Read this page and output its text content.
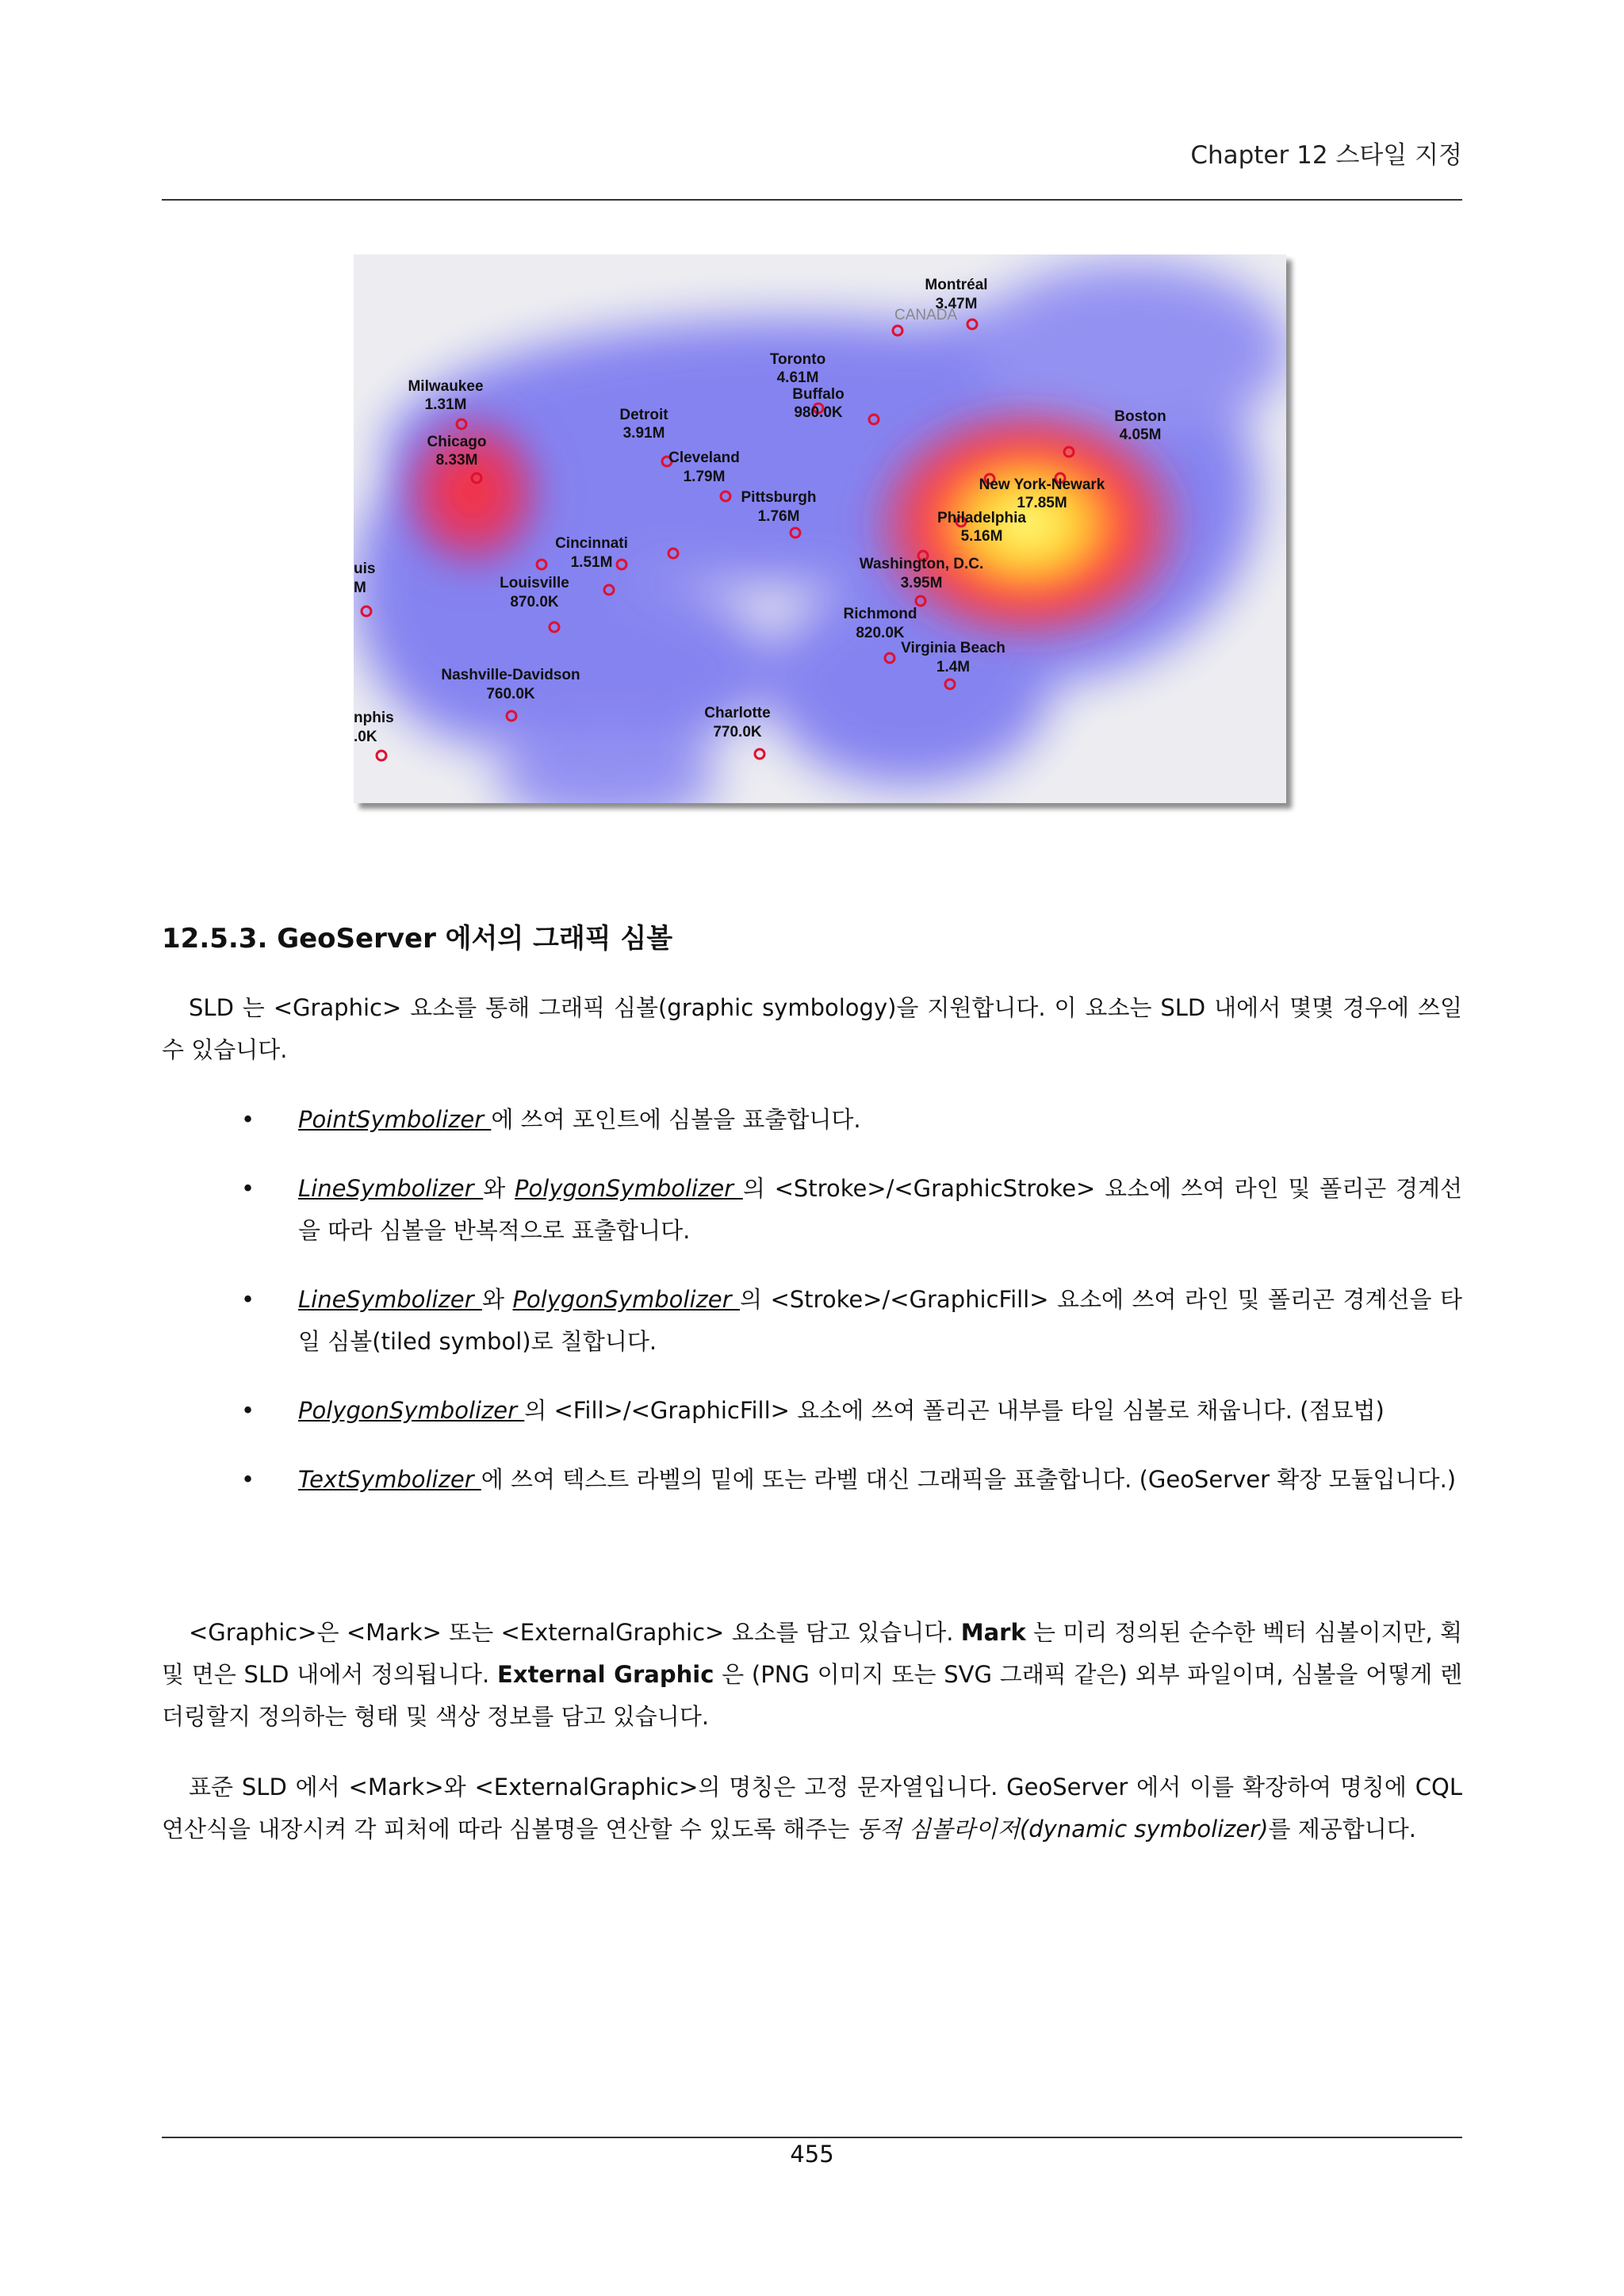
Chapter 12 스타일 지정
CANADA
Montréal
3.47M
Toronto
4.61M
Buffalo
980.0K
Milwaukee
1.31M
Chicago
8.33M
Detroit
3.91M
Cleveland
1.79M
Pittsburgh
1.76M
Boston
4.05M
New York-Newark
17.85M
Philadelphia
5.16M
Cincinnati
1.51M
Louisville
870.0K
Washington, D.C.
3.95M
Richmond
820.0K
Virginia Beach
1.4M
Nashville-Davidson
760.0K
Charlotte
770.0K
uis
M
nphis
.0K
12.5.3. GeoServer 에서의 그래픽 심볼

SLD 는 <Graphic> 요소를 통해 그래픽 심볼(graphic symbology)을 지원합니다. 이 요소는 SLD 내에서 몇몇 경우에 쓰일 수 있습니다.

• PointSymbolizer 에 쓰여 포인트에 심볼을 표출합니다.
• LineSymbolizer 와 PolygonSymbolizer 의 <Stroke>/<GraphicStroke> 요소에 쓰여 라인 및 폴리곤 경계선을 따라 심볼을 반복적으로 표출합니다.
• LineSymbolizer 와 PolygonSymbolizer 의 <Stroke>/<GraphicFill> 요소에 쓰여 라인 및 폴리곤 경계선을 타일 심볼(tiled symbol)로 칠합니다.
• PolygonSymbolizer 의 <Fill>/<GraphicFill> 요소에 쓰여 폴리곤 내부를 타일 심볼로 채웁니다. (점묘법)
• TextSymbolizer 에 쓰여 텍스트 라벨의 밑에 또는 라벨 대신 그래픽을 표출합니다. (GeoServer 확장 모듈입니다.)

<Graphic>은 <Mark> 또는 <ExternalGraphic> 요소를 담고 있습니다. Mark 는 미리 정의된 순수한 벡터 심볼이지만, 획 및 면은 SLD 내에서 정의됩니다. External Graphic 은 (PNG 이미지 또는 SVG 그래픽 같은) 외부 파일이며, 심볼을 어떻게 렌더링할지 정의하는 형태 및 색상 정보를 담고 있습니다.

표준 SLD 에서 <Mark>와 <ExternalGraphic>의 명칭은 고정 문자열입니다. GeoServer 에서 이를 확장하여 명칭에 CQL 연산식을 내장시켜 각 피처에 따라 심볼명을 연산할 수 있도록 해주는 동적 심볼라이저(dynamic symbolizer)를 제공합니다.

455
